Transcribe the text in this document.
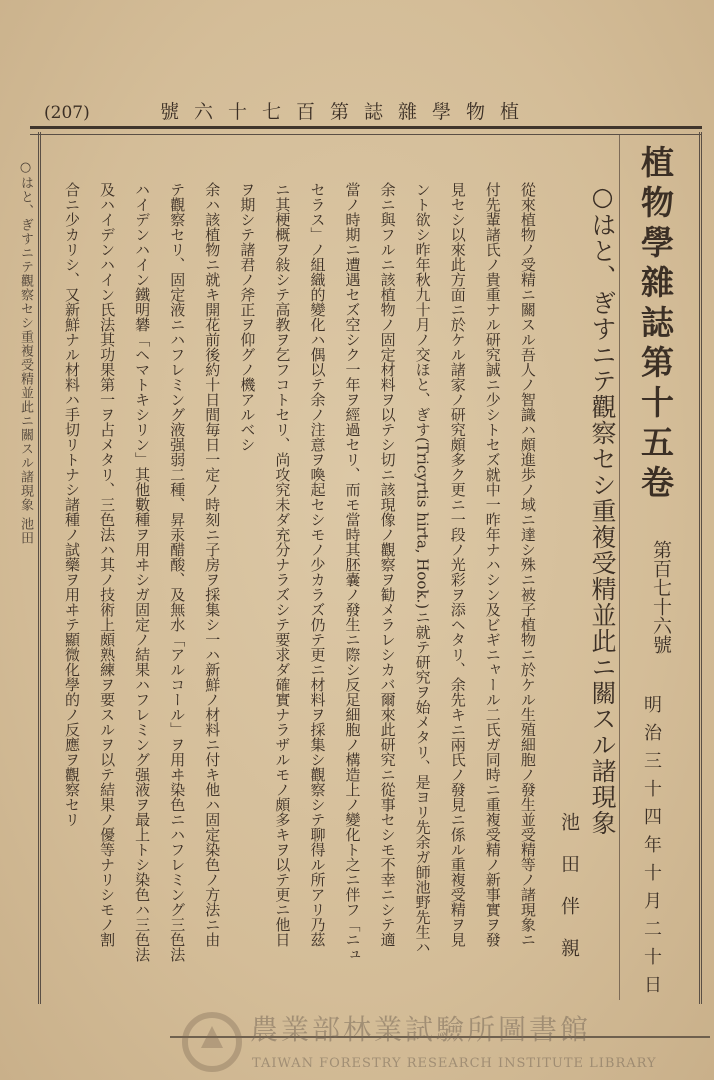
(207)	植物學雜誌第百七十六號
○はと、ぎすニテ觀察セシ重複受精並此ニ關スル諸現象 池田	植物學雜誌第十五卷
第百七十六號
明治三十四年十月二十日
○はと、ぎすニテ觀察セシ重複受精並此ニ關スル諸現象
池田伴親
從來植物ノ受精ニ關スル吾人ノ智識ハ頗進歩ノ域ニ達シ殊ニ被子植物ニ於ケル生殖細胞ノ發生並受精等ノ諸現象ニ
付先輩諸氏ノ貴重ナル研究誠ニ少シトセズ就中一昨年ナハシン及ビギニャール二氏ガ同時ニ重複受精ノ新事實ヲ發
見セシ以來此方面ニ於ケル諸家ノ研究頗多ク更ニ一段ノ光彩ヲ添ヘタリ、余先キニ兩氏ノ發見ニ係ル重複受精ヲ見
ント欲シ昨年秋九十月ノ交ほと、ぎす(Tricyrtis hirta, Hook.)ニ就テ研究ヲ始メタリ、是ヨリ先余ガ師池野先生ハ
余ニ與フルニ該植物ノ固定材料ヲ以テシ切ニ該現像ノ觀察ヲ勧メラレシカバ爾來此研究ニ從事セシモ不幸ニシテ適
當ノ時期ニ遭遇セズ空シク一年ヲ經過セリ、而モ當時其胚嚢ノ發生ニ際シ反足細胞ノ構造上ノ變化ト之ニ伴フ「ニュ
セラス」ノ組織的變化ハ偶以テ余ノ注意ヲ喚起セシモノ少カラズ仍テ更ニ材料ヲ採集シ觀察シテ聊得ル所アリ乃茲
ニ其梗概ヲ敍シテ高教ヲ乞フコトセリ、尚攻究未ダ充分ナラズシテ要求ダ確實ナラザルモノ頗多キヲ以テ更ニ他日
ヲ期シテ諸君ノ斧正ヲ仰グノ機アルベシ
余ハ該植物ニ就キ開花前後約十日間毎日一定ノ時刻ニ子房ヲ採集シ一ハ新鮮ノ材料ニ付キ他ハ固定染色ノ方法ニ由
テ觀察セリ、固定液ニハフレミング液强弱二種、昇汞醋酸、及無水「アルコール」ヲ用ヰ染色ニハフレミング三色法
ハイデンハイン鐵明礬「ヘマトキシリン」其他數種ヲ用ヰシガ固定ノ結果ハフレミング强液ヲ最上トシ染色ハ三色法
及ハイデンハイン氏法其功果第一ヲ占メタリ、三色法ハ其ノ技術上頗熟練ヲ要スルヲ以テ結果ノ優等ナリシモノ割
合ニ少カリシ、又新鮮ナル材料ハ手切リトナシ諸種ノ試藥ヲ用ヰテ顯微化學的ノ反應ヲ觀察セリ
農業部林業試驗所圖書館
TAIWAN FORESTRY RESEARCH INSTITUTE LIBRARY
